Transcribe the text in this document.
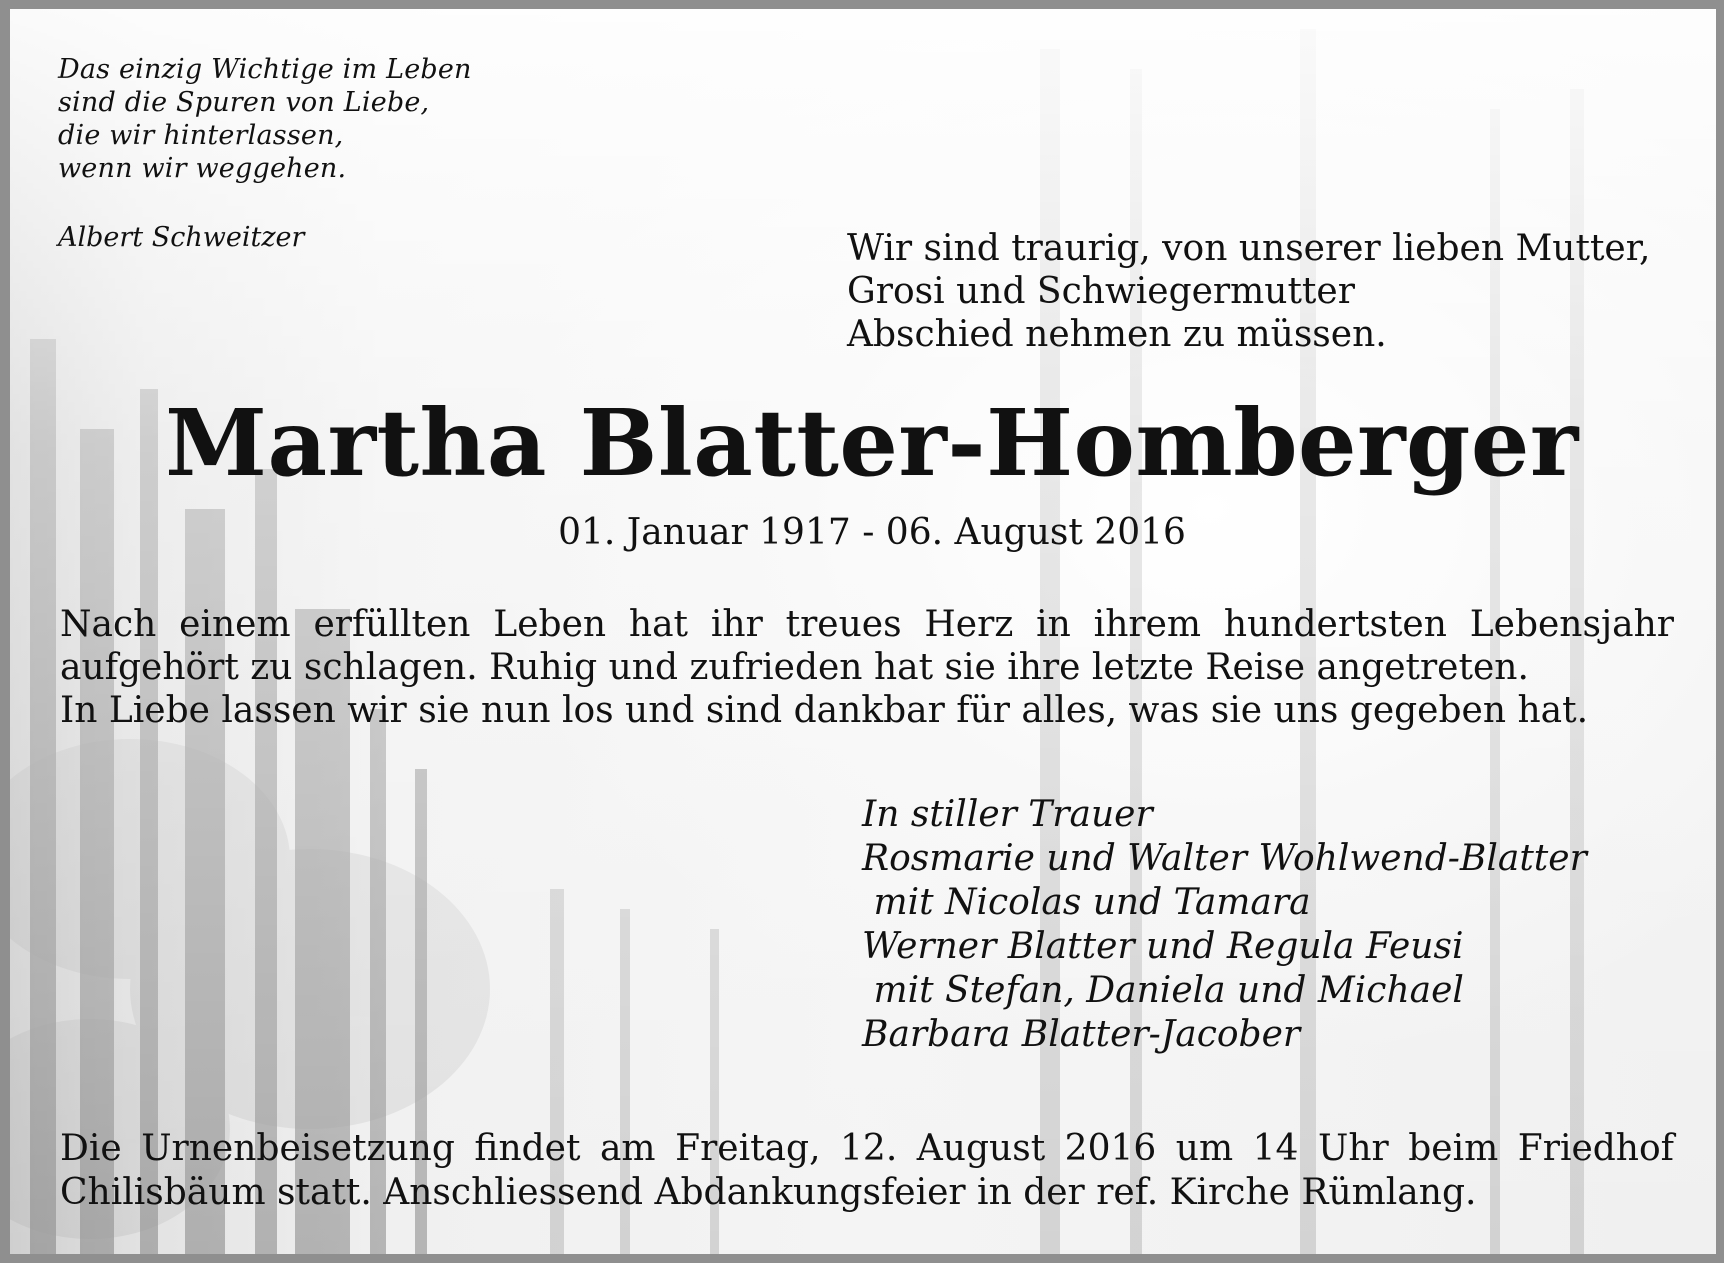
Das einzig Wichtige im Leben
sind die Spuren von Liebe,
die wir hinterlassen,
wenn wir weggehen.

Albert Schweitzer	Wir sind traurig, von unserer lieben Mutter,
Grosi und Schwiegermutter
Abschied nehmen zu müssen.

Martha Blatter-Homberger

01. Januar 1917 - 06. August 2016

Nach einem erfüllten Leben hat ihr treues Herz in ihrem hundertsten Lebensjahr
aufgehört zu schlagen. Ruhig und zufrieden hat sie ihre letzte Reise angetreten.
In Liebe lassen wir sie nun los und sind dankbar für alles, was sie uns gegeben hat.

In stiller Trauer
Rosmarie und Walter Wohlwend-Blatter
mit Nicolas und Tamara
Werner Blatter und Regula Feusi
mit Stefan, Daniela und Michael
Barbara Blatter-Jacober

Die Urnenbeisetzung findet am Freitag, 12. August 2016 um 14 Uhr beim Friedhof
Chilisbäum statt. Anschliessend Abdankungsfeier in der ref. Kirche Rümlang.
